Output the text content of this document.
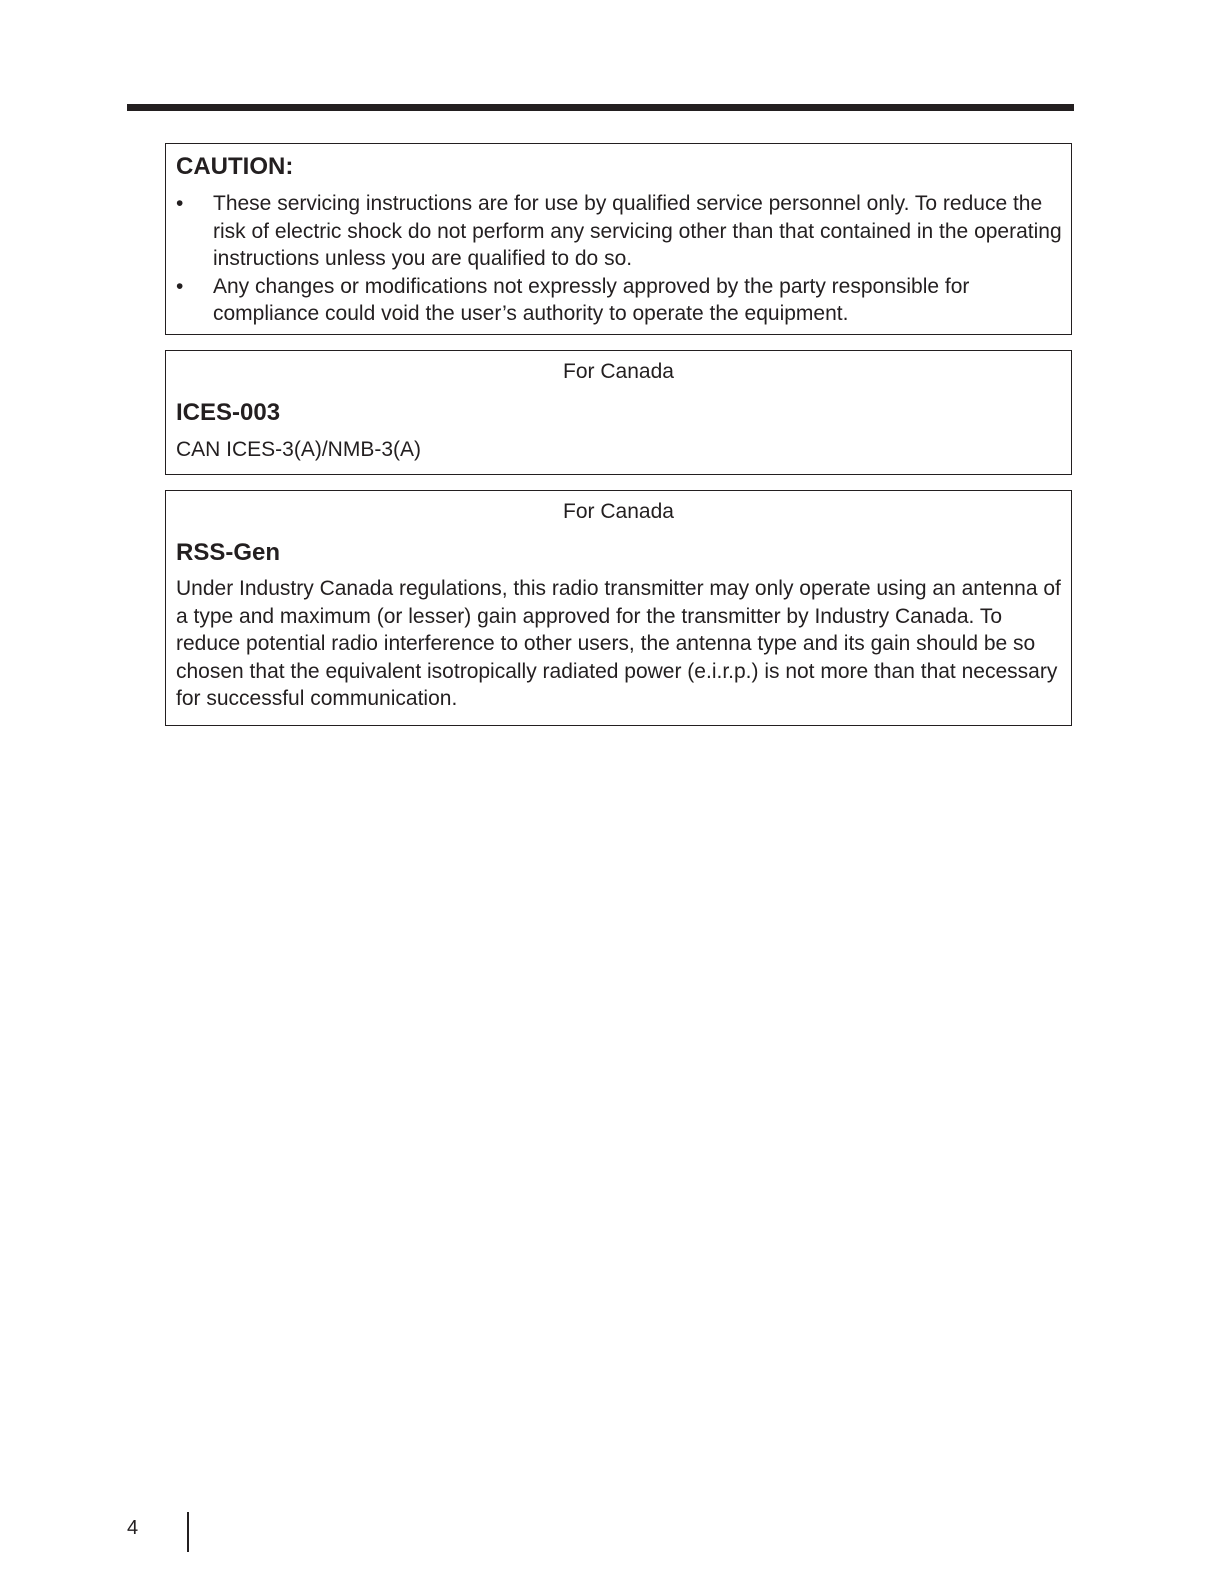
CAUTION:
• These servicing instructions are for use by qualified service personnel only. To reduce the risk of electric shock do not perform any servicing other than that contained in the operating instructions unless you are qualified to do so.
• Any changes or modifications not expressly approved by the party responsible for compliance could void the user’s authority to operate the equipment.
For Canada
ICES-003

CAN ICES-3(A)/NMB-3(A)

For Canada
RSS-Gen

Under Industry Canada regulations, this radio transmitter may only operate using an antenna of a type and maximum (or lesser) gain approved for the transmitter by Industry Canada. To reduce potential radio interference to other users, the antenna type and its gain should be so chosen that the equivalent isotropically radiated power (e.i.r.p.) is not more than that necessary for successful communication.

4
